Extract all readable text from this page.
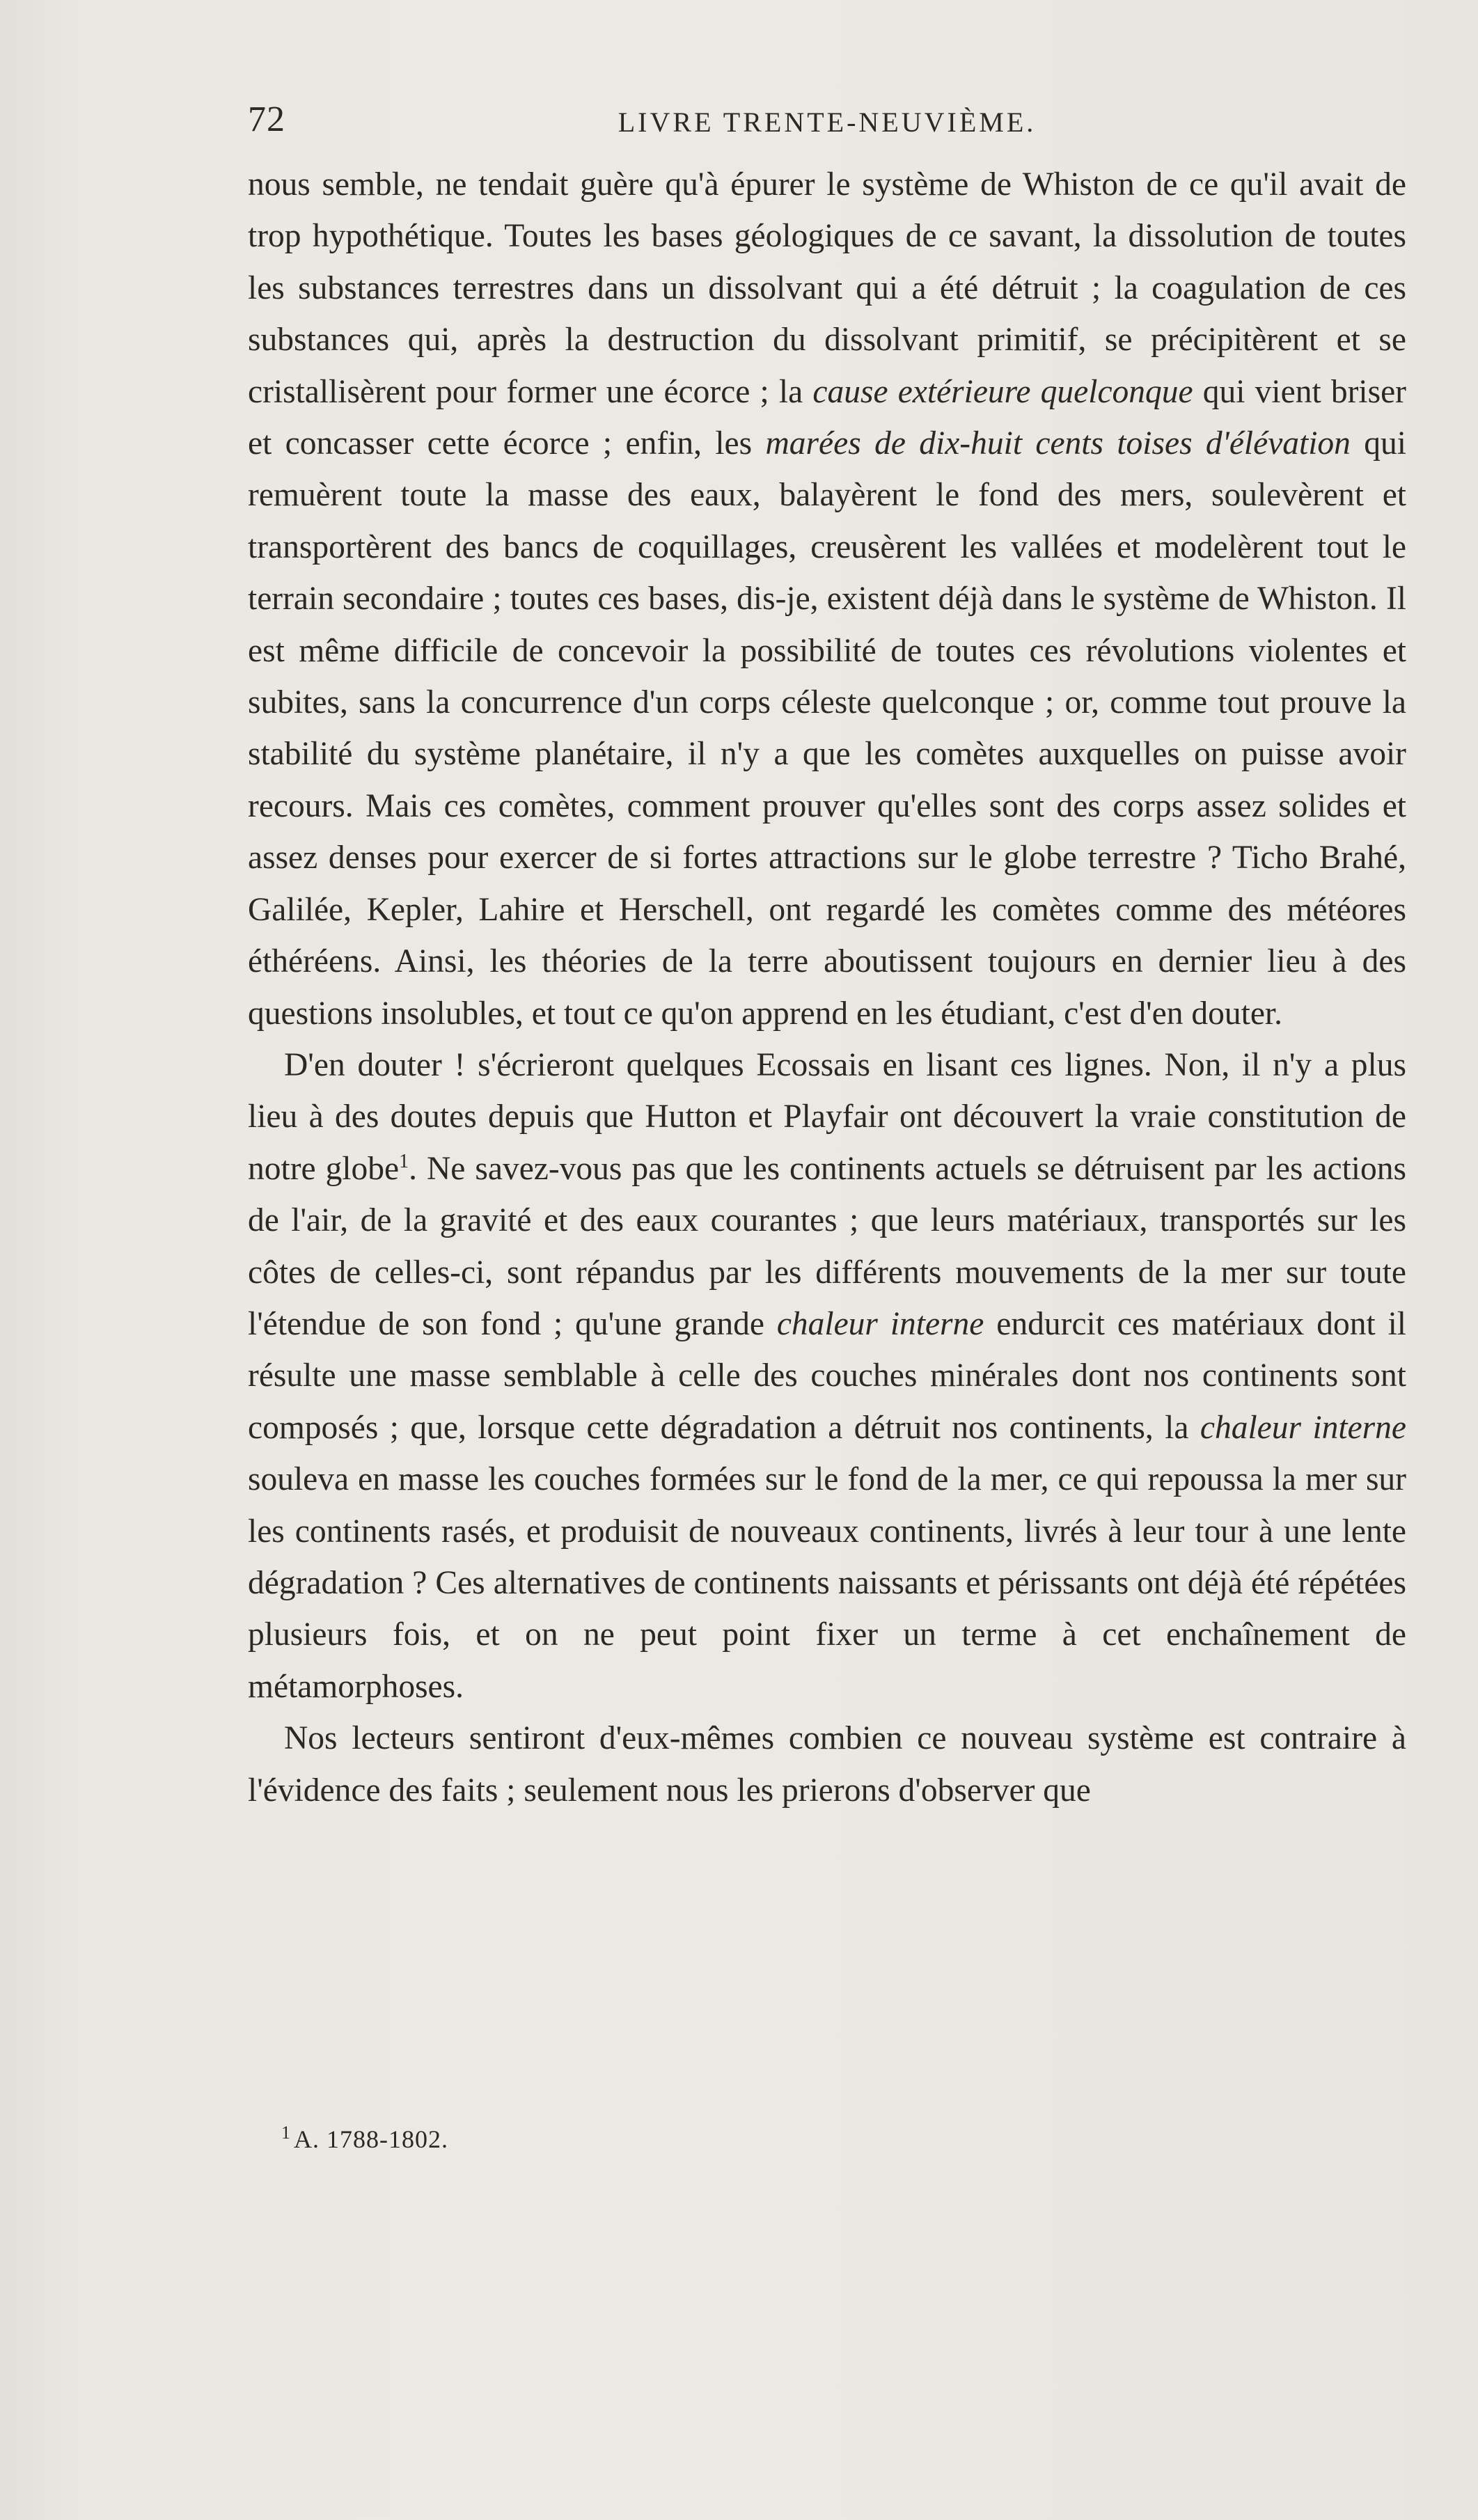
72	LIVRE TRENTE-NEUVIÈME.

nous semble, ne tendait guère qu'à épurer le système de Whiston de ce qu'il avait de trop hypothétique. Toutes les bases géologiques de ce savant, la dissolution de toutes les substances terrestres dans un dissolvant qui a été détruit ; la coagulation de ces substances qui, après la destruction du dissolvant primitif, se précipitèrent et se cristallisèrent pour former une écorce ; la cause extérieure quelconque qui vient briser et concasser cette écorce ; enfin, les marées de dix-huit cents toises d'élévation qui remuèrent toute la masse des eaux, balayèrent le fond des mers, soulevèrent et transportèrent des bancs de coquillages, creusèrent les vallées et modelèrent tout le terrain secondaire ; toutes ces bases, dis-je, existent déjà dans le système de Whiston. Il est même difficile de concevoir la possibilité de toutes ces révolutions violentes et subites, sans la concurrence d'un corps céleste quelconque ; or, comme tout prouve la stabilité du système planétaire, il n'y a que les comètes auxquelles on puisse avoir recours. Mais ces comètes, comment prouver qu'elles sont des corps assez solides et assez denses pour exercer de si fortes attractions sur le globe terrestre ? Ticho Brahé, Galilée, Kepler, Lahire et Herschell, ont regardé les comètes comme des météores éthéréens. Ainsi, les théories de la terre aboutissent toujours en dernier lieu à des questions insolubles, et tout ce qu'on apprend en les étudiant, c'est d'en douter.

D'en douter ! s'écrieront quelques Ecossais en lisant ces lignes. Non, il n'y a plus lieu à des doutes depuis que Hutton et Playfair ont découvert la vraie constitution de notre globe$^1$. Ne savez-vous pas que les continents actuels se détruisent par les actions de l'air, de la gravité et des eaux courantes ; que leurs matériaux, transportés sur les côtes de celles-ci, sont répandus par les différents mouvements de la mer sur toute l'étendue de son fond ; qu'une grande chaleur interne endurcit ces matériaux dont il résulte une masse semblable à celle des couches minérales dont nos continents sont composés ; que, lorsque cette dégradation a détruit nos continents, la chaleur interne souleva en masse les couches formées sur le fond de la mer, ce qui repoussa la mer sur les continents rasés, et produisit de nouveaux continents, livrés à leur tour à une lente dégradation ? Ces alternatives de continents naissants et périssants ont déjà été répétées plusieurs fois, et on ne peut point fixer un terme à cet enchaînement de métamorphoses.

Nos lecteurs sentiront d'eux-mêmes combien ce nouveau système est contraire à l'évidence des faits ; seulement nous les prierons d'observer que

$^1$ A. 1788-1802.
